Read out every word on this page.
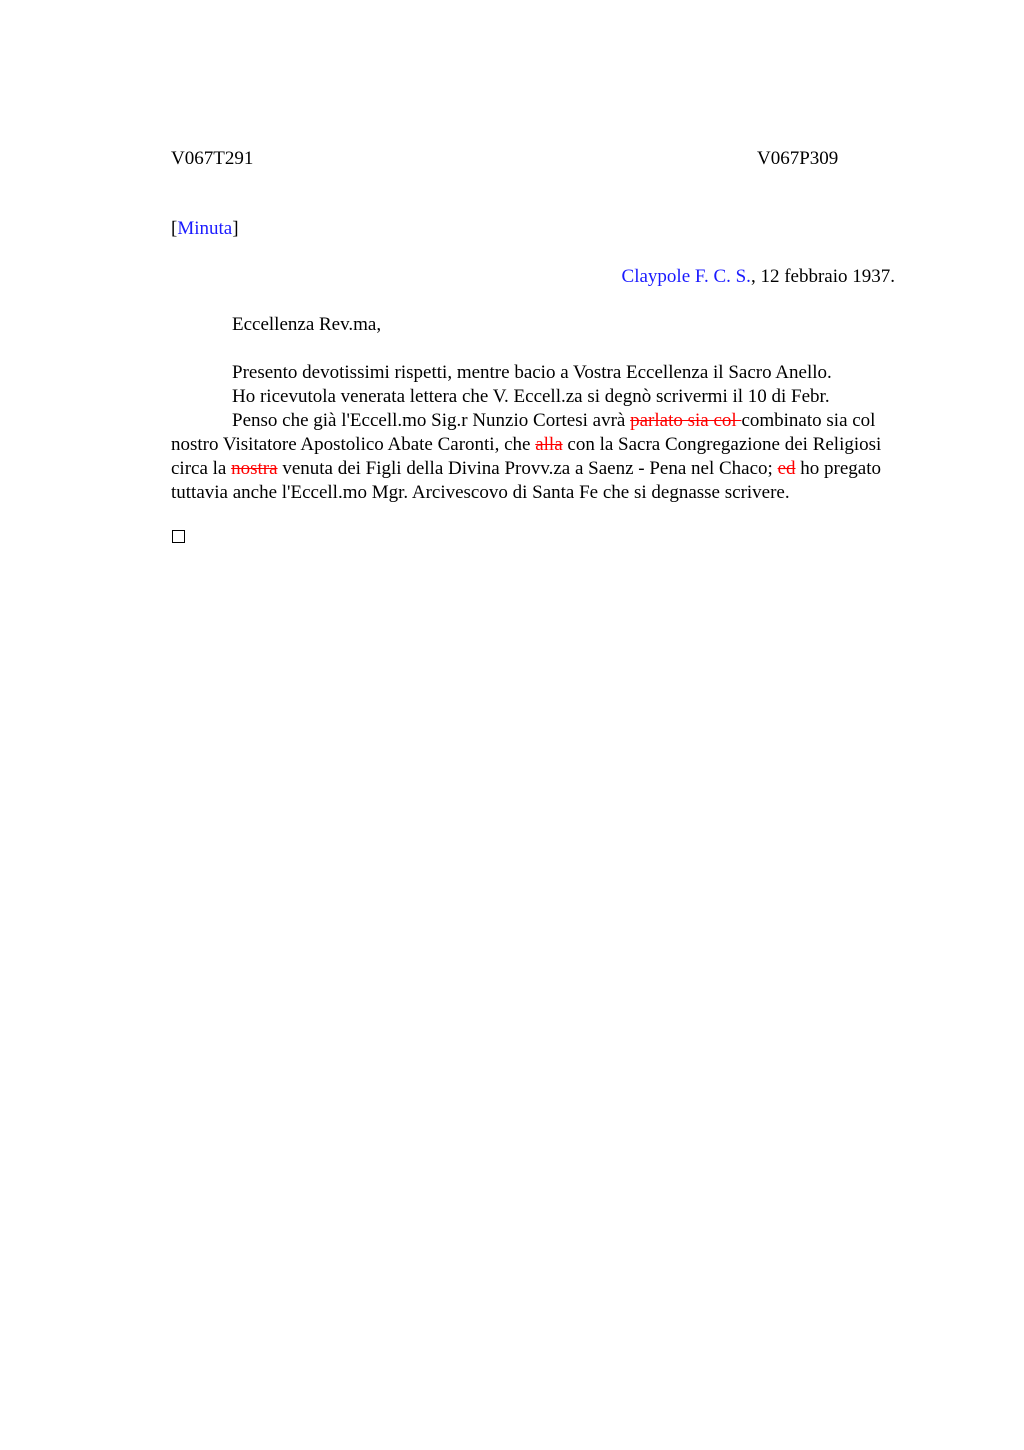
V067T291	V067P309
[Minuta]
Claypole F. C. S., 12 febbraio 1937.
Eccellenza Rev.ma,

Presento devotissimi rispetti, mentre bacio a Vostra Eccellenza il Sacro Anello.

Ho ricevutola venerata lettera che V. Eccell.za si degnò scrivermi il 10 di Febr.

Penso che già l'Eccell.mo Sig.r Nunzio Cortesi avrà parlato sia col combinato sia col nostro Visitatore Apostolico Abate Caronti, che alla con la Sacra Congregazione dei Religiosi circa la nostra venuta dei Figli della Divina Provv.za a Saenz - Pena nel Chaco; ed ho pregato tuttavia anche l'Eccell.mo Mgr. Arcivescovo di Santa Fe che si degnasse scrivere.
